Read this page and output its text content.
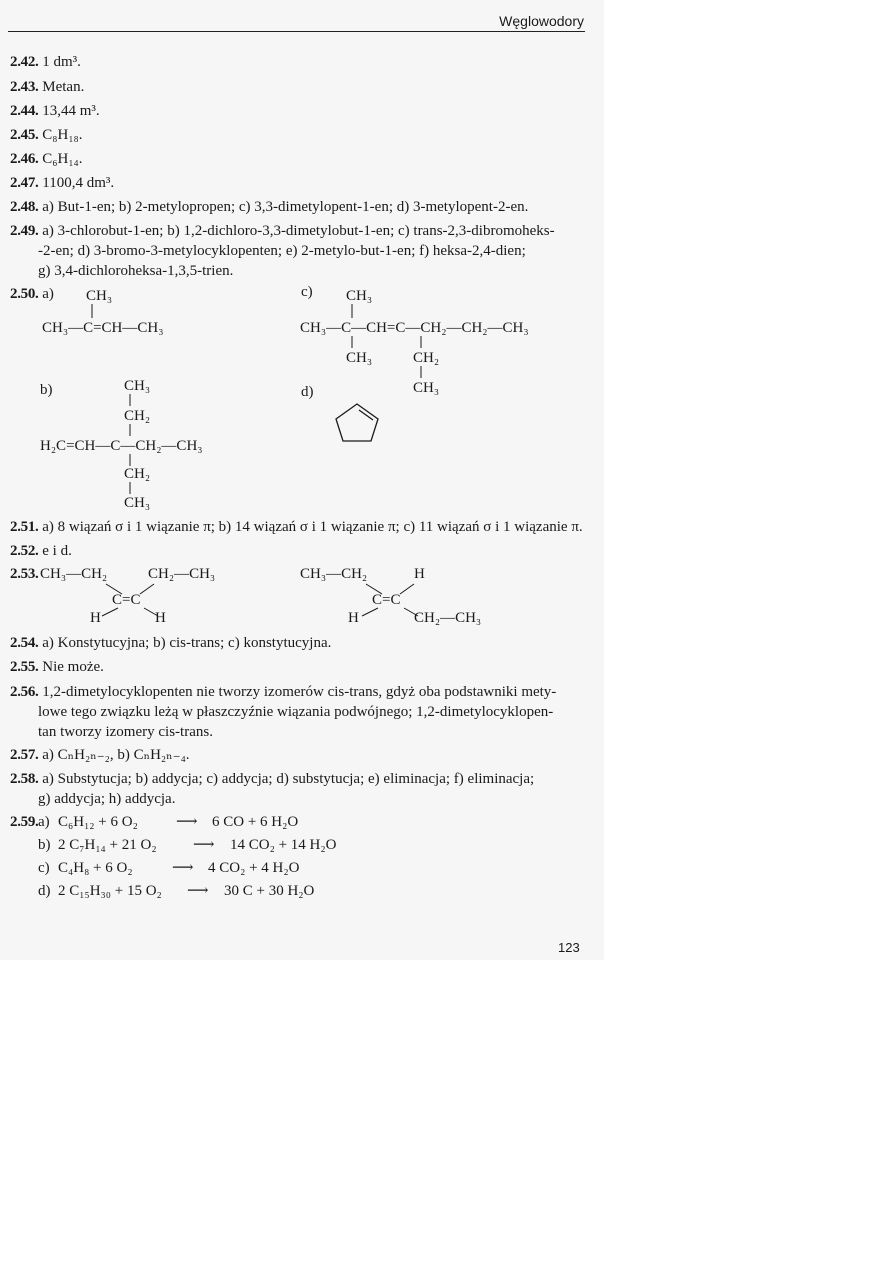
Węglowodory
2.42. 1 dm³.
2.43. Metan.
2.44. 13,44 m³.
2.45. C₈H₁₈.
2.46. C₆H₁₄.
2.47. 1100,4 dm³.
2.48. a) But-1-en; b) 2-metylopropen; c) 3,3-dimetylopent-1-en; d) 3-metylopent-2-en.
2.49. a) 3-chlorobut-1-en; b) 1,2-dichloro-3,3-dimetylobut-1-en; c) trans-2,3-dibromoheks-
-2-en; d) 3-bromo-3-metylocyklopenten; e) 2-metylo-but-1-en; f) heksa-2,4-dien;
g) 3,4-dichloroheksa-1,3,5-trien.
2.50. a) CH₃
CH₃—C=CH—CH₃
c) CH₃
CH₃—C—CH=C—CH₂—CH₂—CH₃
CH₃	CH₂
CH₃
b)	CH₃
CH₂
H₂C=CH—C—CH₂—CH₃
CH₂
CH₃
d)
2.51. a) 8 wiązań σ i 1 wiązanie π; b) 14 wiązań σ i 1 wiązanie π; c) 11 wiązań σ i 1 wiązanie π.
2.52. e i d.
2.53. CH₃—CH₂	CH₂—CH₃
C=C
H	H
CH₃—CH₂	H
C=C
H	CH₂—CH₃
2.54. a) Konstytucyjna; b) cis-trans; c) konstytucyjna.
2.55. Nie może.
2.56. 1,2-dimetylocyklopenten nie tworzy izomerów cis-trans, gdyż oba podstawniki mety-
lowe tego związku leżą w płaszczyźnie wiązania podwójnego; 1,2-dimetylocyklopen-
tan tworzy izomery cis-trans.
2.57. a) CₙH₂ₙ₋₂, b) CₙH₂ₙ₋₄.
2.58. a) Substytucja; b) addycja; c) addycja; d) substytucja; e) eliminacja; f) eliminacja;
g) addycja; h) addycja.
2.59. a) C₆H₁₂ + 6 O₂	⟶ 6 CO + 6 H₂O
b) 2 C₇H₁₄ + 21 O₂ ⟶ 14 CO₂ + 14 H₂O
c) C₄H₈ + 6 O₂	⟶ 4 CO₂ + 4 H₂O
d) 2 C₁₅H₃₀ + 15 O₂ ⟶ 30 C + 30 H₂O
123
